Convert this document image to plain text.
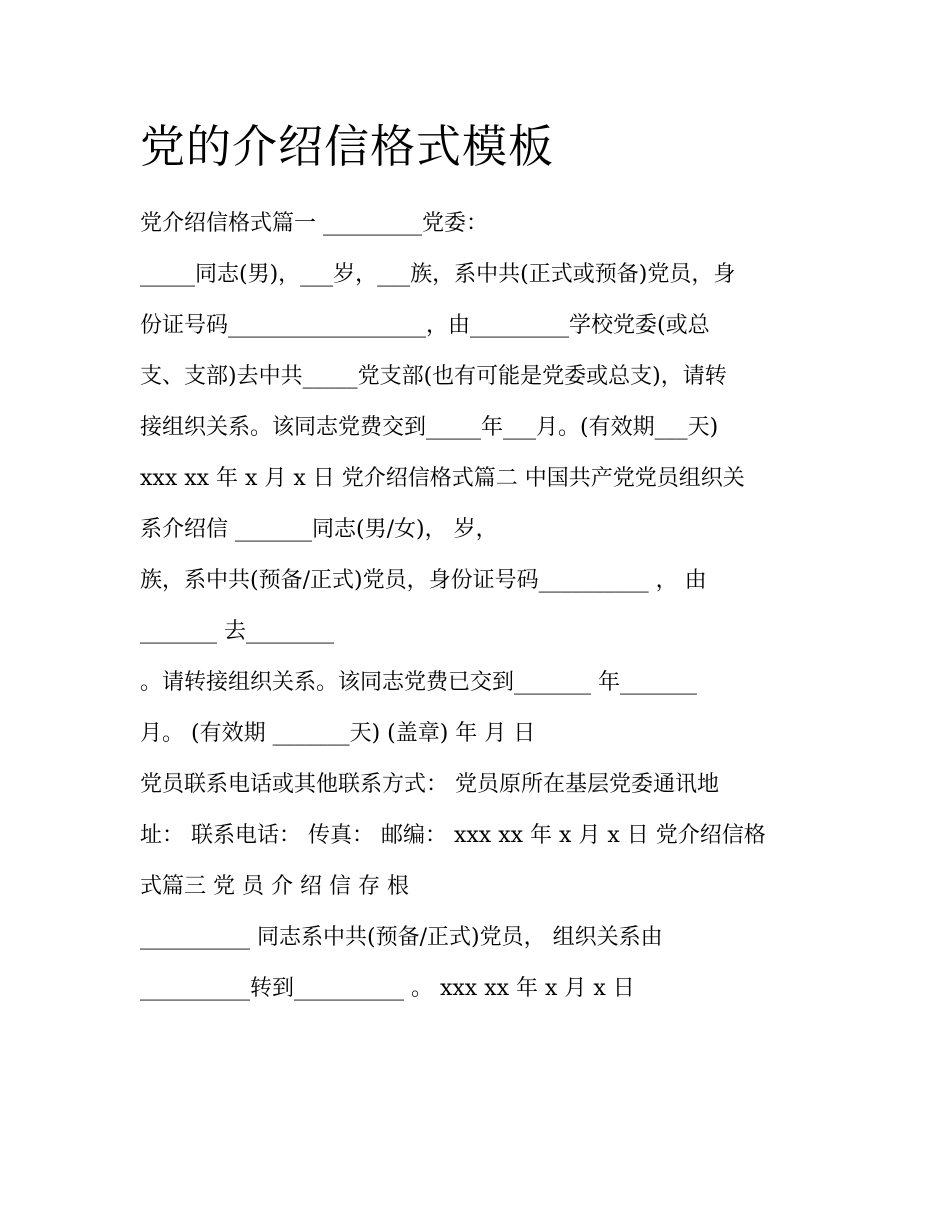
党的介绍信格式模板
党介绍信格式篇一 _________党委：
_____同志(男)，___岁，___族，系中共(正式或预备)党员，身
份证号码__________________，由_________学校党委(或总
支、支部)去中共_____党支部(也有可能是党委或总支)，请转
接组织关系。该同志党费交到_____年___月。(有效期___天)
xxx xx 年 x 月 x 日 党介绍信格式篇二 中国共产党党员组织关
系介绍信 _______同志(男/女)， 岁，
族，系中共(预备/正式)党员，身份证号码__________ ， 由
_______ 去________
。请转接组织关系。该同志党费已交到_______ 年_______
月。 (有效期 _______天) (盖章) 年 月 日
党员联系电话或其他联系方式： 党员原所在基层党委通讯地
址： 联系电话： 传真： 邮编： xxx xx 年 x 月 x 日 党介绍信格
式篇三 党 员 介 绍 信 存 根
__________ 同志系中共(预备/正式)党员， 组织关系由
__________转到__________ 。 xxx xx 年 x 月 x 日
